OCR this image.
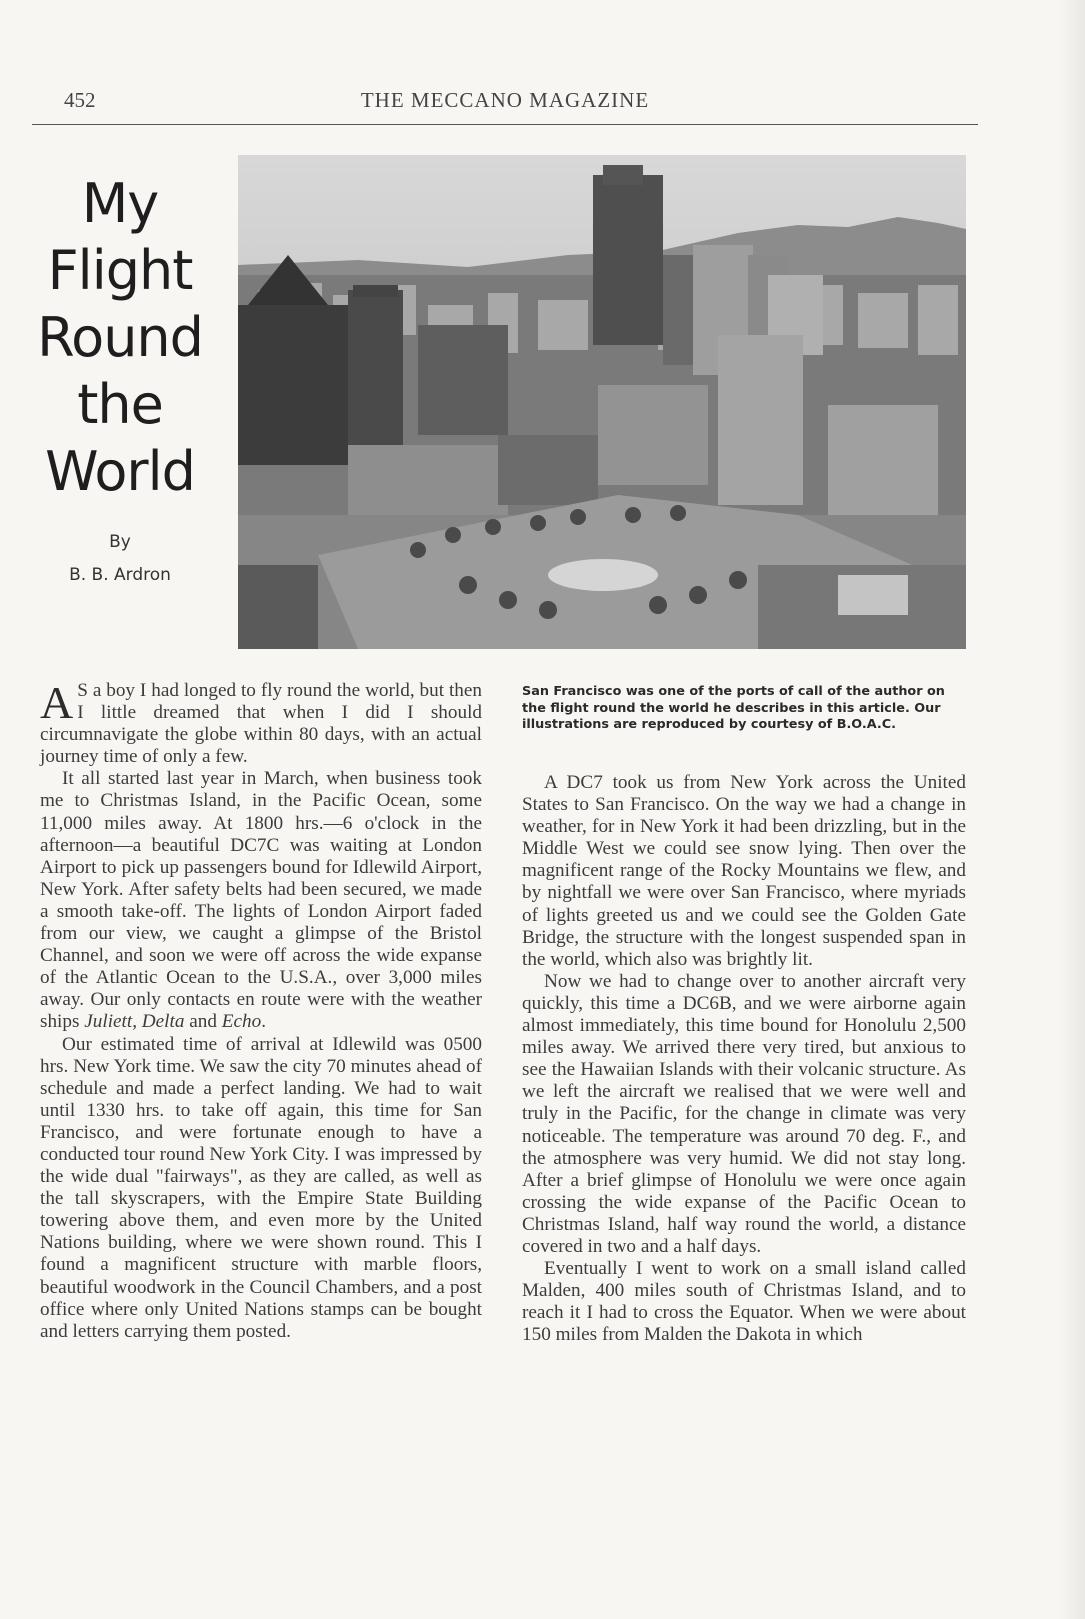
452	THE MECCANO MAGAZINE
My
Flight
Round
the
World
By
B. B. Ardron

A S a boy I had longed to fly round the world, but then I little dreamed that when I did I should circumnavigate the globe within 80 days, with an actual journey time of only a few.

It all started last year in March, when business took me to Christmas Island, in the Pacific Ocean, some 11,000 miles away. At 1800 hrs.—6 o'clock in the afternoon—a beautiful DC7C was waiting at London Airport to pick up passengers bound for Idlewild Airport, New York. After safety belts had been secured, we made a smooth take-off. The lights of London Airport faded from our view, we caught a glimpse of the Bristol Channel, and soon we were off across the wide expanse of the Atlantic Ocean to the U.S.A., over 3,000 miles away. Our only contacts en route were with the weather ships Juliett, Delta and Echo.

Our estimated time of arrival at Idlewild was 0500 hrs. New York time. We saw the city 70 minutes ahead of schedule and made a perfect landing. We had to wait until 1330 hrs. to take off again, this time for San Francisco, and were fortunate enough to have a conducted tour round New York City. I was impressed by the wide dual "fairways", as they are called, as well as the tall skyscrapers, with the Empire State Building towering above them, and even more by the United Nations building, where we were shown round. This I found a magnificent structure with marble floors, beautiful woodwork in the Council Chambers, and a post office where only United Nations stamps can be bought and letters carrying them posted.

San Francisco was one of the ports of call of the author on the flight round the world he describes in this article. Our illustrations are reproduced by courtesy of B.O.A.C.

A DC7 took us from New York across the United States to San Francisco. On the way we had a change in weather, for in New York it had been drizzling, but in the Middle West we could see snow lying. Then over the magnificent range of the Rocky Mountains we flew, and by nightfall we were over San Francisco, where myriads of lights greeted us and we could see the Golden Gate Bridge, the structure with the longest suspended span in the world, which also was brightly lit.

Now we had to change over to another aircraft very quickly, this time a DC6B, and we were airborne again almost immediately, this time bound for Honolulu 2,500 miles away. We arrived there very tired, but anxious to see the Hawaiian Islands with their volcanic structure. As we left the aircraft we realised that we were well and truly in the Pacific, for the change in climate was very noticeable. The temperature was around 70 deg. F., and the atmosphere was very humid. We did not stay long. After a brief glimpse of Honolulu we were once again crossing the wide expanse of the Pacific Ocean to Christmas Island, half way round the world, a distance covered in two and a half days.

Eventually I went to work on a small island called Malden, 400 miles south of Christmas Island, and to reach it I had to cross the Equator. When we were about 150 miles from Malden the Dakota in which
